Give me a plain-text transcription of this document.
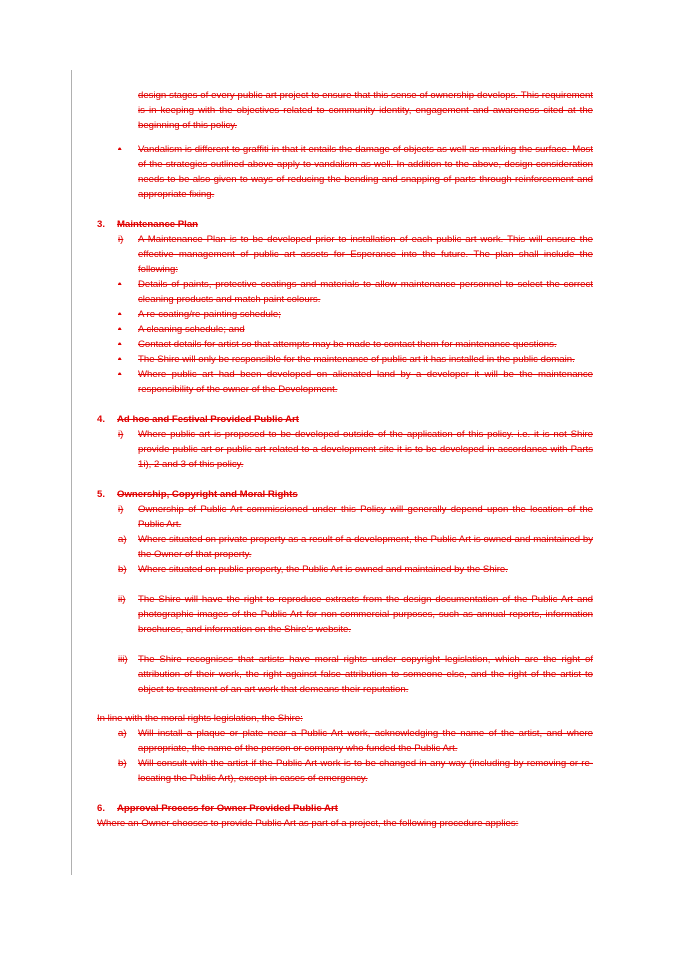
design stages of every public art project to ensure that this sense of ownership develops. This requirement is in keeping with the objectives related to community identity, engagement and awareness cited at the beginning of this policy.

• Vandalism is different to graffiti in that it entails the damage of objects as well as marking the surface. Most of the strategies outlined above apply to vandalism as well. In addition to the above, design consideration needs to be also given to ways of reducing the bending and snapping of parts through reinforcement and appropriate fixing.

3. Maintenance Plan

i) A Maintenance Plan is to be developed prior to installation of each public art work. This will ensure the effective management of public art assets for Esperance into the future. The plan shall include the following:
• Details of paints, protective coatings and materials to allow maintenance personnel to select the correct cleaning products and match paint colours.
• A re-coating/re-painting schedule;
• A cleaning schedule; and
• Contact details for artist so that attempts may be made to contact them for maintenance questions.
• The Shire will only be responsible for the maintenance of public art it has installed in the public domain.
• Where public art had been developed on alienated land by a developer it will be the maintenance responsibility of the owner of the Development.

4. Ad hoc and Festival Provided Public Art

i) Where public art is proposed to be developed outside of the application of this policy. i.e. it is not Shire provide public art or public art related to a development site it is to be developed in accordance with Parts 1i), 2 and 3 of this policy.

5. Ownership, Copyright and Moral Rights

i) Ownership of Public Art commissioned under this Policy will generally depend upon the location of the Public Art.
a) Where situated on private property as a result of a development, the Public Art is owned and maintained by the Owner of that property.
b) Where situated on public property, the Public Art is owned and maintained by the Shire.
ii) The Shire will have the right to reproduce extracts from the design documentation of the Public Art and photographic images of the Public Art for non-commercial purposes, such as annual reports, information brochures, and information on the Shire's website.
iii) The Shire recognises that artists have moral rights under copyright legislation, which are the right of attribution of their work, the right against false attribution to someone else, and the right of the artist to object to treatment of an art work that demeans their reputation.

In line with the moral rights legislation, the Shire:

a) Will install a plaque or plate near a Public Art work, acknowledging the name of the artist, and where appropriate, the name of the person or company who funded the Public Art.
b) Will consult with the artist if the Public Art work is to be changed in any way (including by removing or re-locating the Public Art), except in cases of emergency.

6. Approval Process for Owner Provided Public Art

Where an Owner chooses to provide Public Art as part of a project, the following procedure applies:
